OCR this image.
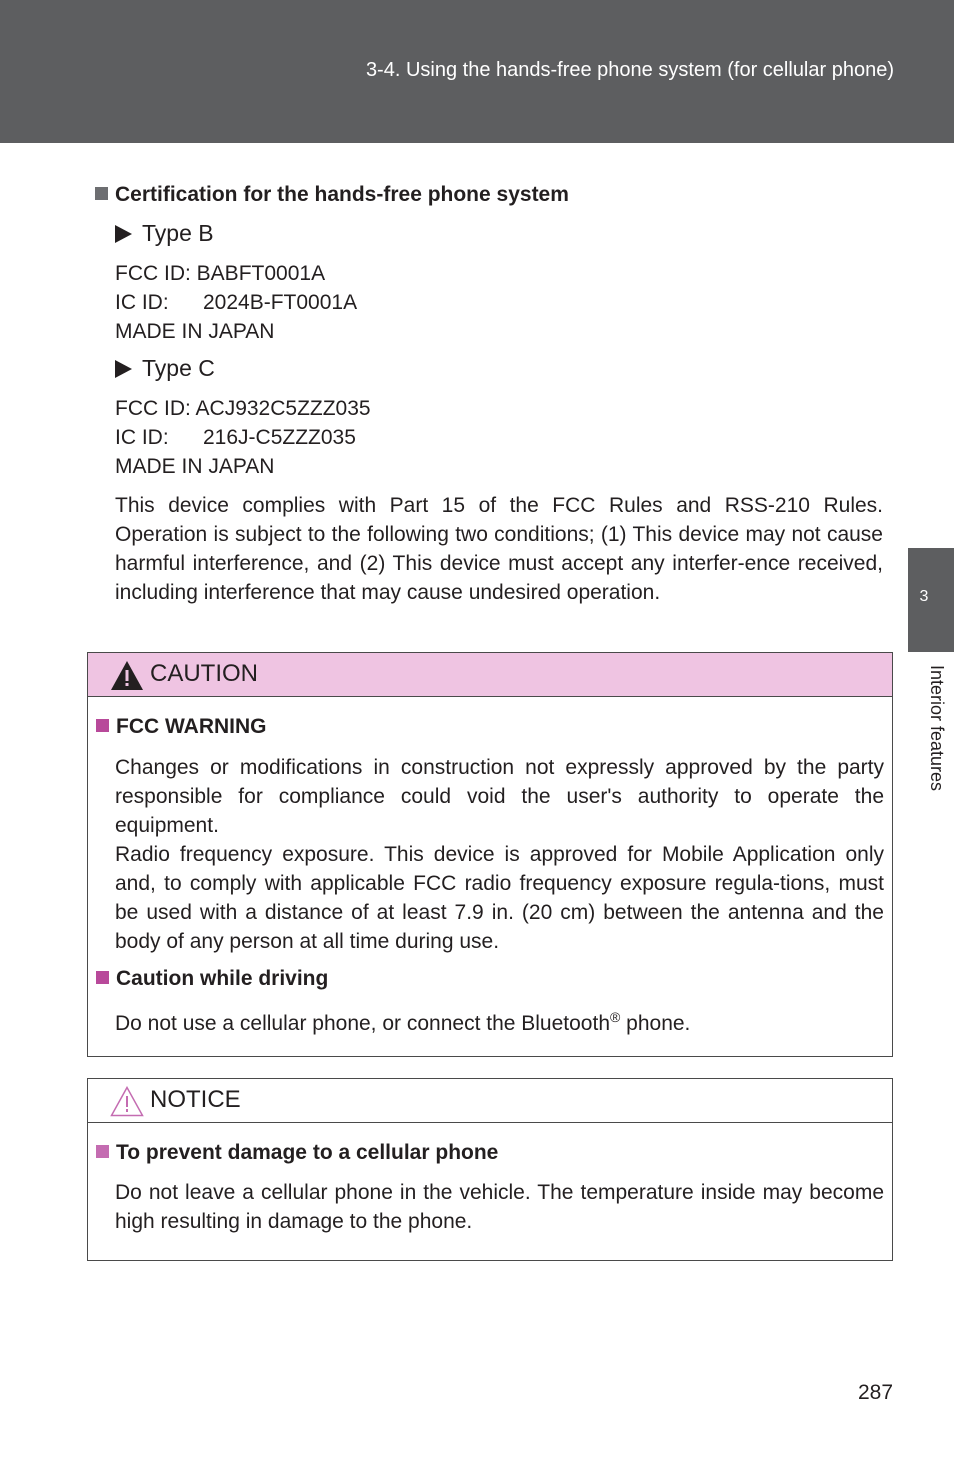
3-4. Using the hands-free phone system (for cellular phone)
3
Interior features
Certification for the hands-free phone system
Type B
FCC ID: BABFT0001A
IC ID: 2024B-FT0001A
MADE IN JAPAN
Type C
FCC ID: ACJ932C5ZZZ035
IC ID: 216J-C5ZZZ035
MADE IN JAPAN
This device complies with Part 15 of the FCC Rules and RSS-210 Rules. Operation is subject to the following two conditions; (1) This device may not cause harmful interference, and (2) This device must accept any interfer-ence received, including interference that may cause undesired operation.
CAUTION
FCC WARNING
Changes or modifications in construction not expressly approved by the party responsible for compliance could void the user's authority to operate the equipment.
Radio frequency exposure. This device is approved for Mobile Application only and, to comply with applicable FCC radio frequency exposure regula-tions, must be used with a distance of at least 7.9 in. (20 cm) between the antenna and the body of any person at all time during use.
Caution while driving
Do not use a cellular phone, or connect the Bluetooth® phone.
NOTICE
To prevent damage to a cellular phone
Do not leave a cellular phone in the vehicle. The temperature inside may become high resulting in damage to the phone.
287
